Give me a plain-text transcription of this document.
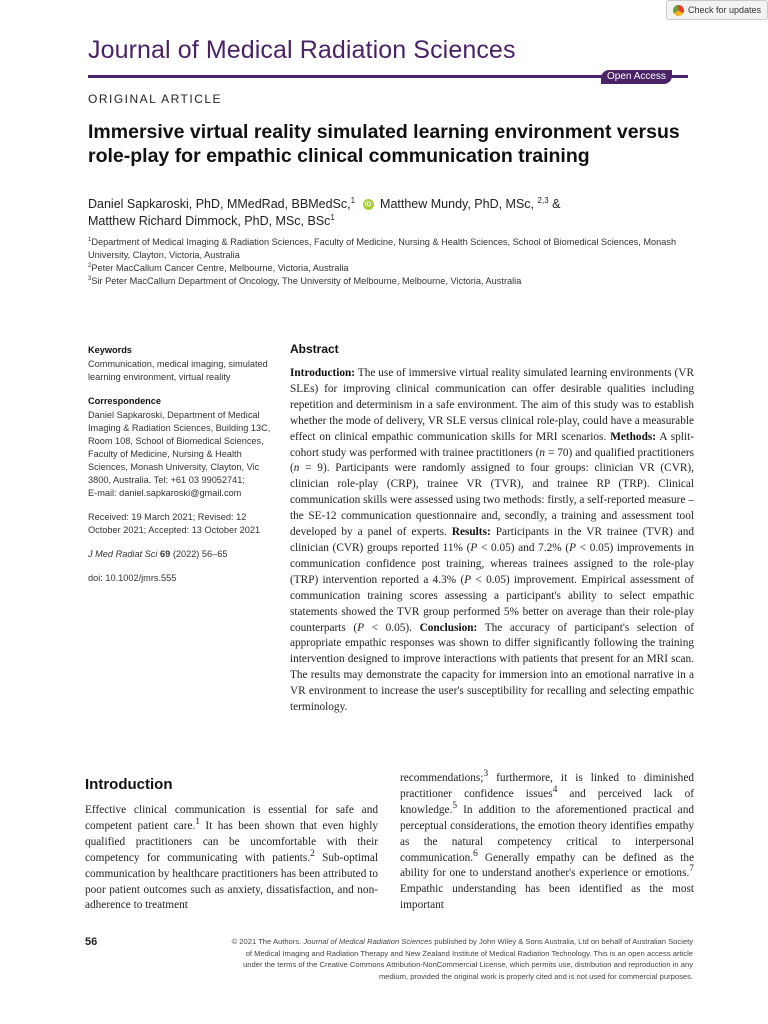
Check for updates
Journal of Medical Radiation Sciences
Open Access
ORIGINAL ARTICLE
Immersive virtual reality simulated learning environment versus role-play for empathic clinical communication training
Daniel Sapkaroski, PhD, MMedRad, BBMedSc,$^1$ iD Matthew Mundy, PhD, MSc, $^{2,3}$ &
Matthew Richard Dimmock, PhD, MSc, BSc$^1$
$^1$Department of Medical Imaging & Radiation Sciences, Faculty of Medicine, Nursing & Health Sciences, School of Biomedical Sciences, Monash University, Clayton, Victoria, Australia
$^2$Peter MacCallum Cancer Centre, Melbourne, Victoria, Australia
$^3$Sir Peter MacCallum Department of Oncology, The University of Melbourne, Melbourne, Victoria, Australia
Keywords
Communication, medical imaging, simulated learning environment, virtual reality
Correspondence
Daniel Sapkaroski, Department of Medical Imaging & Radiation Sciences, Building 13C, Room 108, School of Biomedical Sciences, Faculty of Medicine, Nursing & Health Sciences, Monash University, Clayton, Vic 3800, Australia. Tel: +61 03 99052741;
E-mail: daniel.sapkaroski@gmail.com
Received: 19 March 2021; Revised: 12 October 2021; Accepted: 13 October 2021
J Med Radiat Sci 69 (2022) 56–65
doi: 10.1002/jmrs.555
Abstract
Introduction: The use of immersive virtual reality simulated learning environments (VR SLEs) for improving clinical communication can offer desirable qualities including repetition and determinism in a safe environment. The aim of this study was to establish whether the mode of delivery, VR SLE versus clinical role-play, could have a measurable effect on clinical empathic communication skills for MRI scenarios. Methods: A split-cohort study was performed with trainee practitioners (n = 70) and qualified practitioners (n = 9). Participants were randomly assigned to four groups: clinician VR (CVR), clinician role-play (CRP), trainee VR (TVR), and trainee RP (TRP). Clinical communication skills were assessed using two methods: firstly, a self-reported measure – the SE-12 communication questionnaire and, secondly, a training and assessment tool developed by a panel of experts. Results: Participants in the VR trainee (TVR) and clinician (CVR) groups reported 11% (P < 0.05) and 7.2% (P < 0.05) improvements in communication confidence post training, whereas trainees assigned to the role-play (TRP) intervention reported a 4.3% (P < 0.05) improvement. Empirical assessment of communication training scores assessing a participant's ability to select empathic statements showed the TVR group performed 5% better on average than their role-play counterparts (P < 0.05). Conclusion: The accuracy of participant's selection of appropriate empathic responses was shown to differ significantly following the training intervention designed to improve interactions with patients that present for an MRI scan. The results may demonstrate the capacity for immersion into an emotional narrative in a VR environment to increase the user's susceptibility for recalling and selecting empathic terminology.
Introduction
Effective clinical communication is essential for safe and competent patient care.$^1$ It has been shown that even highly qualified practitioners can be uncomfortable with their competency for communicating with patients.$^2$ Sub-optimal communication by healthcare practitioners has been attributed to poor patient outcomes such as anxiety, dissatisfaction, and non-adherence to treatment
recommendations;$^3$ furthermore, it is linked to diminished practitioner confidence issues$^4$ and perceived lack of knowledge.$^5$ In addition to the aforementioned practical and perceptual considerations, the emotion theory identifies empathy as the natural competency critical to interpersonal communication.$^6$ Generally empathy can be defined as the ability for one to understand another's experience or emotions.$^7$ Empathic understanding has been identified as the most important
56	© 2021 The Authors. Journal of Medical Radiation Sciences published by John Wiley & Sons Australia, Ltd on behalf of Australian Society of Medical Imaging and Radiation Therapy and New Zealand Institute of Medical Radiation Technology. This is an open access article under the terms of the Creative Commons Attribution-NonCommercial License, which permits use, distribution and reproduction in any medium, provided the original work is properly cited and is not used for commercial purposes.
